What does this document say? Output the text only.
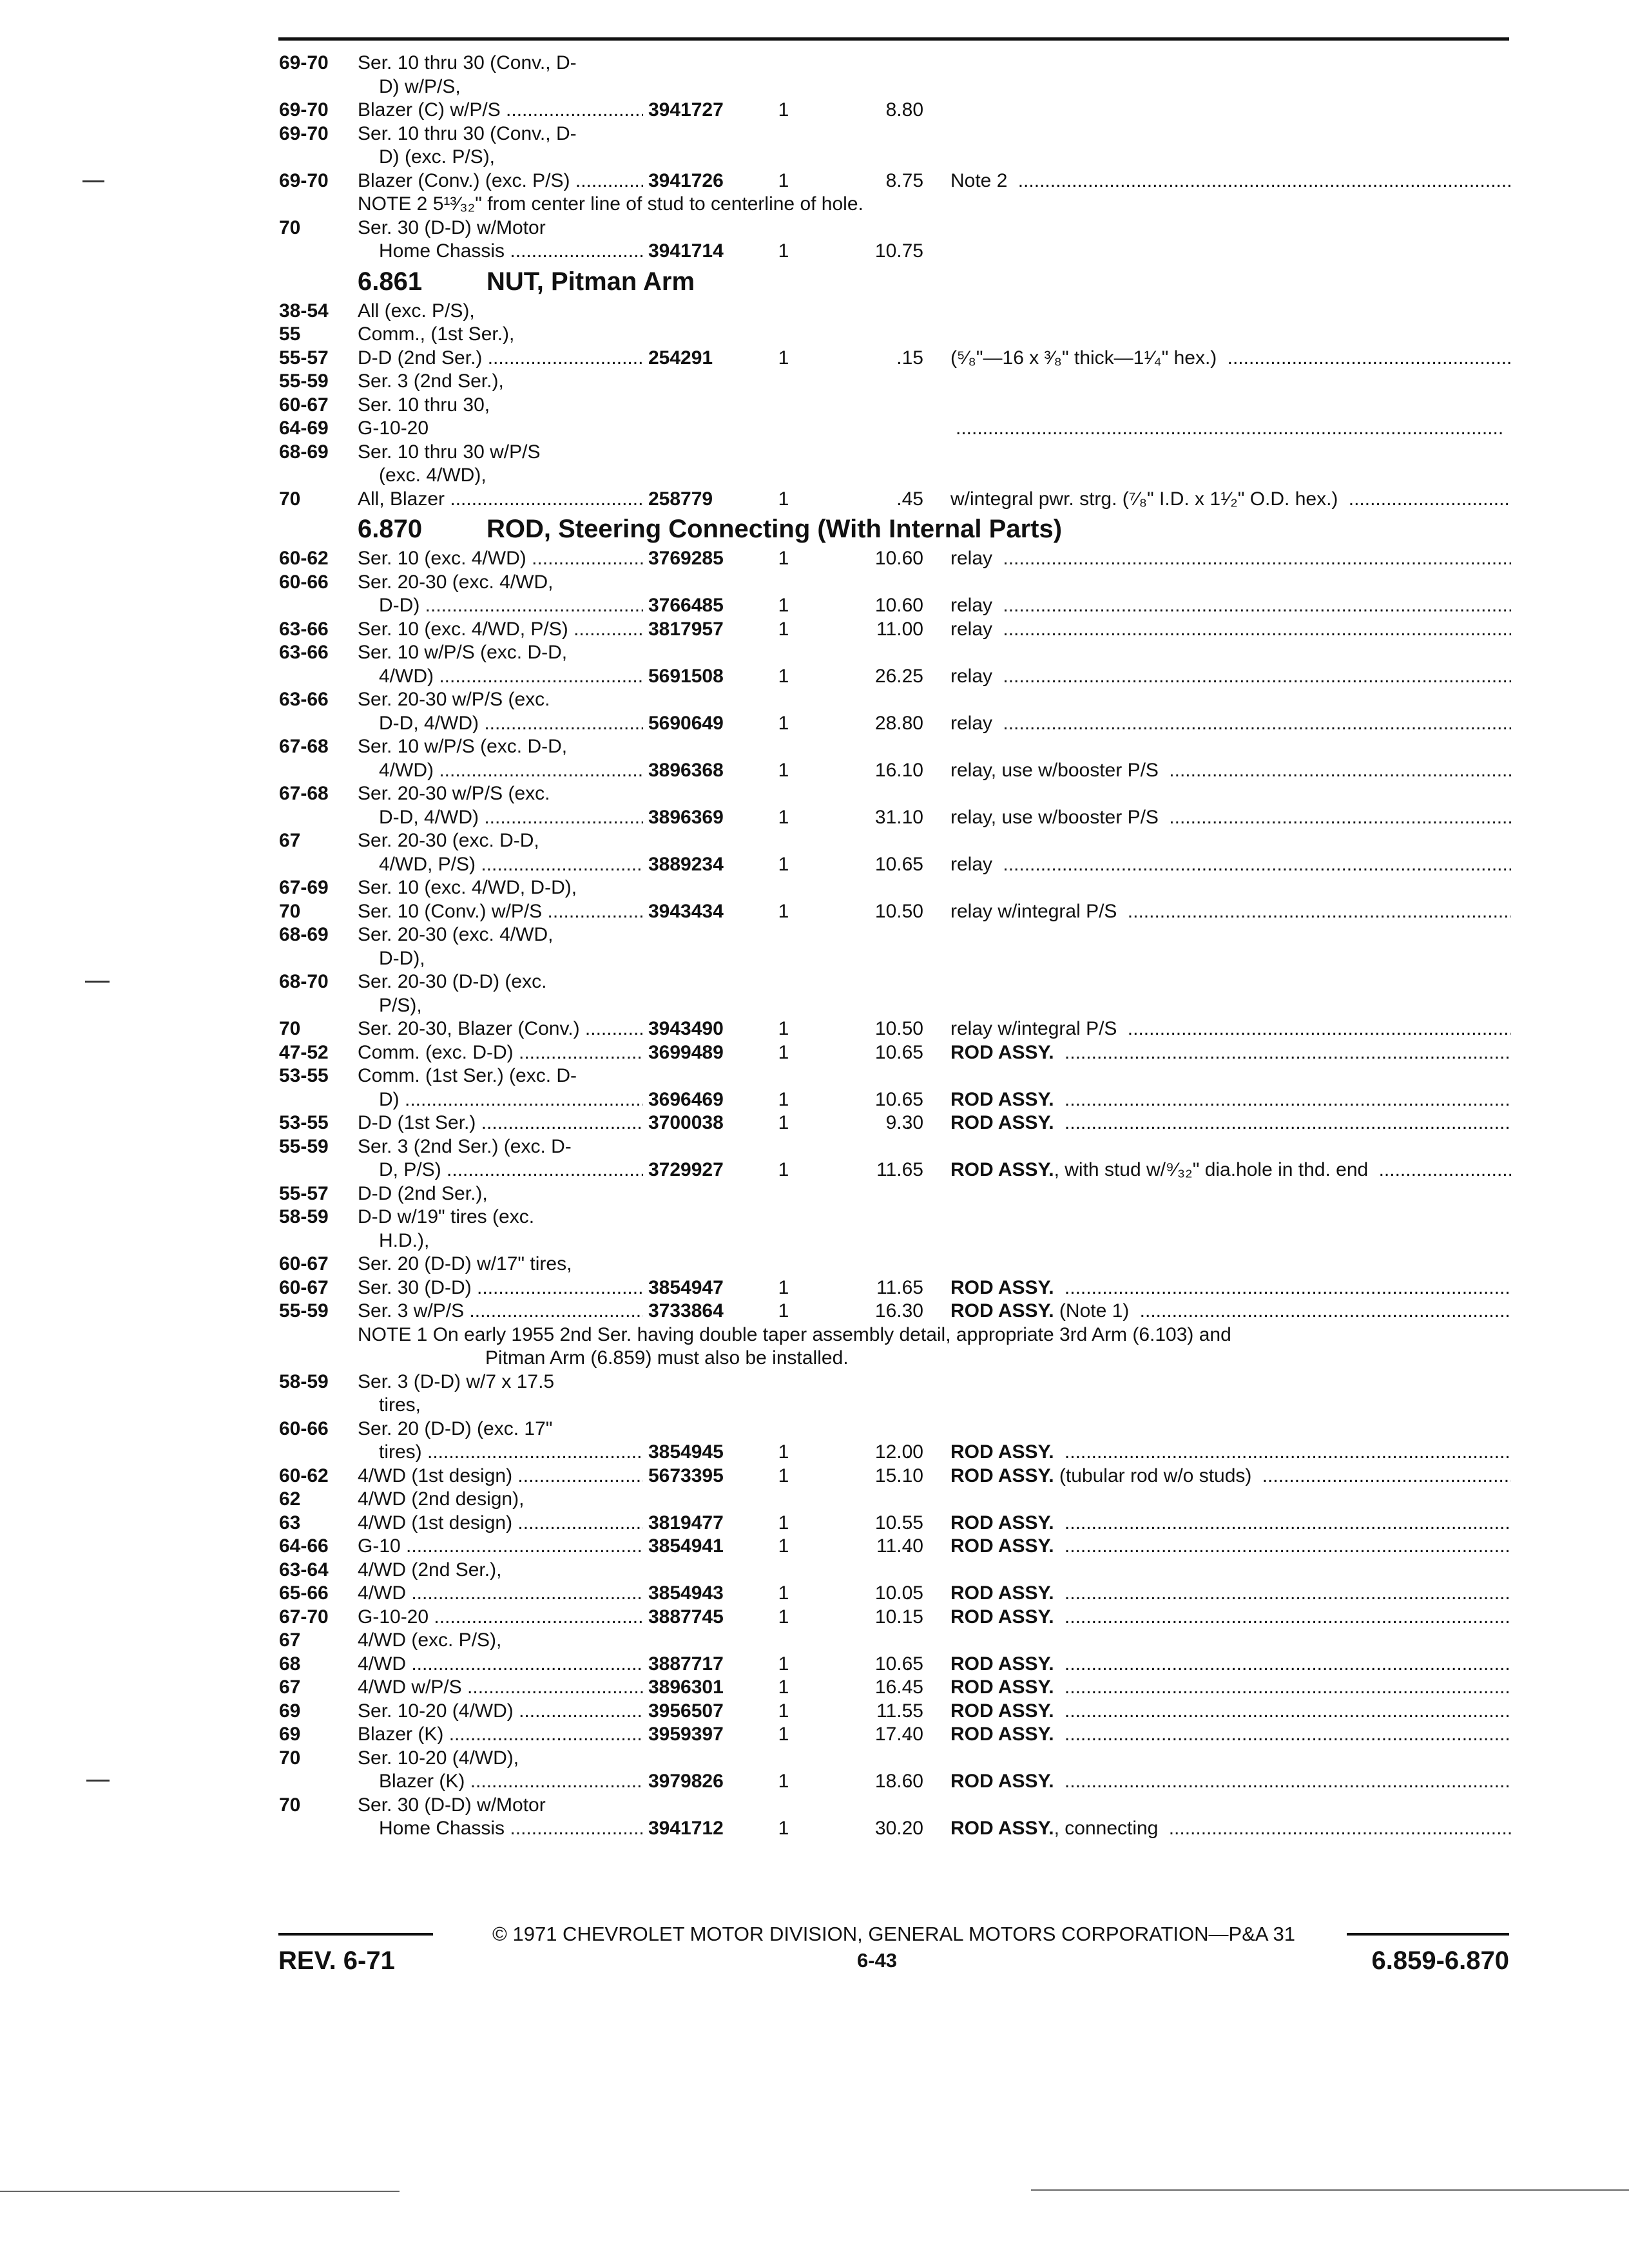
69-70 Ser. 10 thru 30 (Conv., D-
D) w/P/S,
69-70 Blazer (C) w/P/S .....	3941727	1	8.80
69-70 Ser. 10 thru 30 (Conv., D-
D) (exc. P/S),
69-70 Blazer (Conv.) (exc. P/S) .....	3941726	1	8.75 Note 2 .....
NOTE 2 5¹³⁄₃₂" from center line of stud to centerline of hole.
70	Ser. 30 (D-D) w/Motor
Home Chassis .....	3941714	1	10.75
6.861 NUT, Pitman Arm
38-54 All (exc. P/S),
55	Comm., (1st Ser.),
55-57 D-D (2nd Ser.) .....	254291	1	.15 (⁵⁄₈"—16 x ³⁄₈" thick—1¹⁄₄" hex.) .....
55-59 Ser. 3 (2nd Ser.),
60-67 Ser. 10 thru 30,
64-69 G-10-20
.....
68-69 Ser. 10 thru 30 w/P/S
(exc. 4/WD),
70	All, Blazer .....	258779	1	.45 w/integral pwr. strg. (⁷⁄₈" I.D. x 1¹⁄₂" O.D. hex.) .....
6.870 ROD, Steering Connecting (With Internal Parts)
60-62 Ser. 10 (exc. 4/WD) .....	3769285	1	10.60 relay .....
60-66 Ser. 20-30 (exc. 4/WD,
D-D) .....	3766485	1	10.60 relay .....
63-66 Ser. 10 (exc. 4/WD, P/S) .....	3817957	1	11.00 relay .....
63-66 Ser. 10 w/P/S (exc. D-D,
4/WD) .....	5691508	1	26.25 relay .....
63-66 Ser. 20-30 w/P/S (exc.
D-D, 4/WD) .....	5690649	1	28.80 relay .....
67-68 Ser. 10 w/P/S (exc. D-D,
4/WD) .....	3896368	1	16.10 relay, use w/booster P/S .....
67-68 Ser. 20-30 w/P/S (exc.
D-D, 4/WD) .....	3896369	1	31.10 relay, use w/booster P/S .....
67	Ser. 20-30 (exc. D-D,
4/WD, P/S) .....	3889234	1	10.65 relay .....
67-69 Ser. 10 (exc. 4/WD, D-D),
70	Ser. 10 (Conv.) w/P/S .....	3943434	1	10.50 relay w/integral P/S .....
68-69 Ser. 20-30 (exc. 4/WD,
D-D),
68-70 Ser. 20-30 (D-D) (exc.
P/S),
70	Ser. 20-30, Blazer (Conv.) .....	3943490	1	10.50 relay w/integral P/S .....
47-52 Comm. (exc. D-D) .....	3699489	1	10.65 ROD ASSY. .....
53-55 Comm. (1st Ser.) (exc. D-
D) .....	3696469	1	10.65 ROD ASSY. .....
53-55 D-D (1st Ser.) .....	3700038	1	9.30 ROD ASSY. .....
55-59 Ser. 3 (2nd Ser.) (exc. D-
D, P/S) .....	3729927	1	11.65 ROD ASSY., with stud w/⁹⁄₃₂" dia.hole in thd. end .....
55-57 D-D (2nd Ser.),
58-59 D-D w/19" tires (exc.
H.D.),
60-67 Ser. 20 (D-D) w/17" tires,
60-67 Ser. 30 (D-D) .....	3854947	1	11.65 ROD ASSY. .....
55-59 Ser. 3 w/P/S .....	3733864	1	16.30 ROD ASSY. (Note 1) .....
NOTE 1 On early 1955 2nd Ser. having double taper assembly detail, appropriate 3rd Arm (6.103) and
Pitman Arm (6.859) must also be installed.
58-59 Ser. 3 (D-D) w/7 x 17.5
tires,
60-66 Ser. 20 (D-D) (exc. 17"
tires) .....	3854945	1	12.00 ROD ASSY. .....
60-62 4/WD (1st design) .....	5673395	1	15.10 ROD ASSY. (tubular rod w/o studs) .....
62	4/WD (2nd design),
63	4/WD (1st design) .....	3819477	1	10.55 ROD ASSY. .....
64-66 G-10 .....	3854941	1	11.40 ROD ASSY. .....
63-64 4/WD (2nd Ser.),
65-66 4/WD .....	3854943	1	10.05 ROD ASSY. .....
67-70 G-10-20 .....	3887745	1	10.15 ROD ASSY. .....
67	4/WD (exc. P/S),
68	4/WD .....	3887717	1	10.65 ROD ASSY. .....
67	4/WD w/P/S .....	3896301	1	16.45 ROD ASSY. .....
69	Ser. 10-20 (4/WD) .....	3956507	1	11.55 ROD ASSY. .....
69	Blazer (K) .....	3959397	1	17.40 ROD ASSY. .....
70	Ser. 10-20 (4/WD),
Blazer (K) .....	3979826	1	18.60 ROD ASSY. .....
70	Ser. 30 (D-D) w/Motor
Home Chassis .....	3941712	1	30.20 ROD ASSY., connecting .....
© 1971 CHEVROLET MOTOR DIVISION, GENERAL MOTORS CORPORATION—P&A 31
REV. 6-71	6-43	6.859-6.870
